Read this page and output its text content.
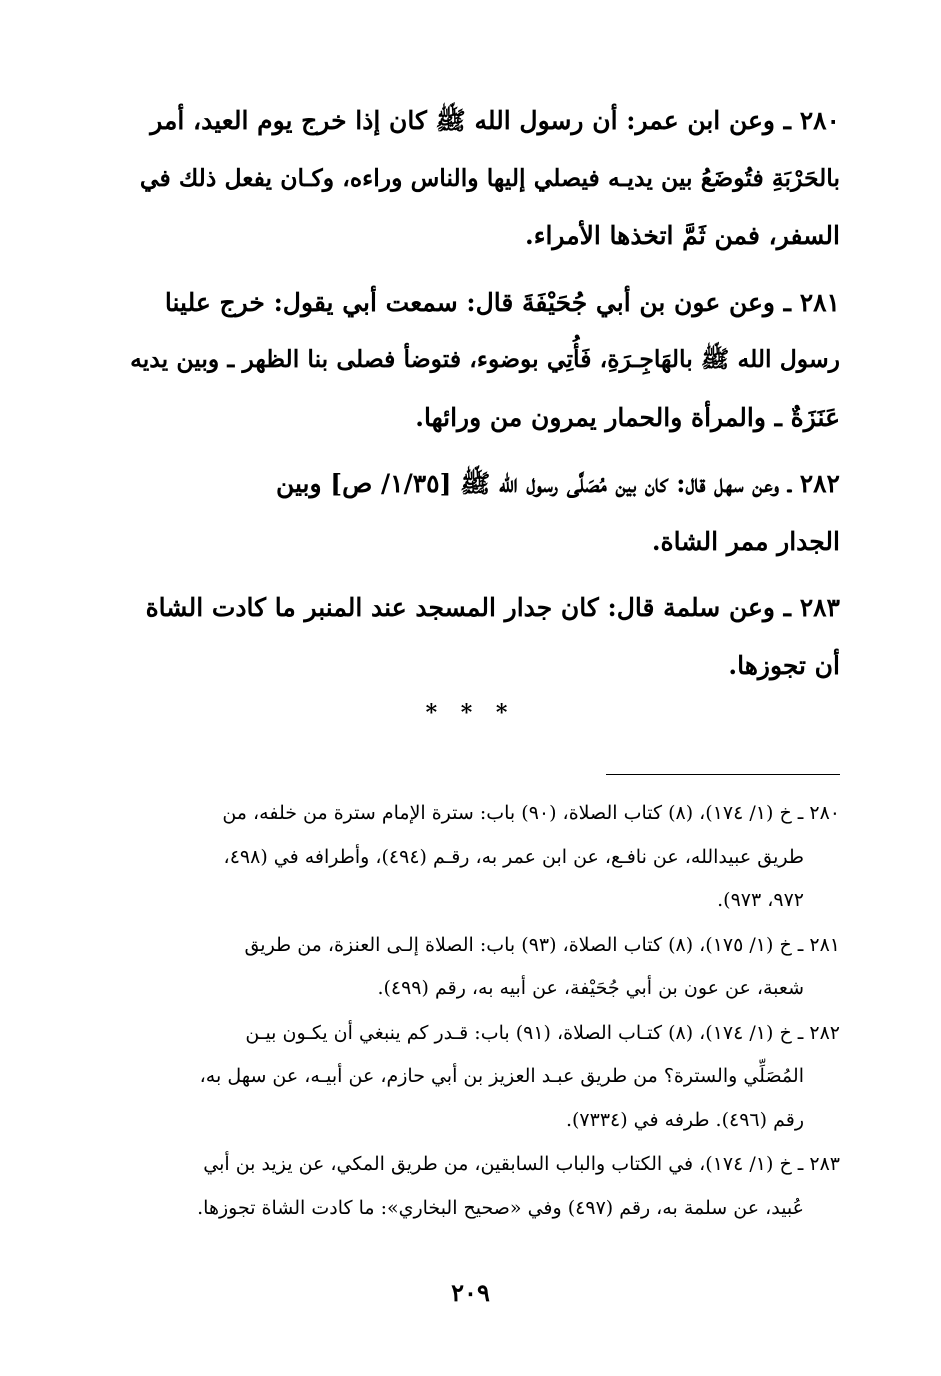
٢٨٠ ـ وعن ابن عمر: أن رسول الله ﷺ كان إذا خرج يوم العيد، أمر
بالحَرْبَةِ فتُوضَعُ بين يديـه فيصلي إليها والناس وراءه، وكـان يفعل ذلك في
السفر، فمن ثَمَّ اتخذها الأمراء.

٢٨١ ـ وعن عون بن أبي جُحَيْفَةَ قال: سمعت أبي يقول: خرج علينا
رسول الله ﷺ بالهَاجِـرَةِ، فَأُتِي بوضوء، فتوضأ فصلى بنا الظهر ـ وبين يديه
عَنَزَةٌ ـ والمرأة والحمار يمرون من ورائها.

٢٨٢ ـ وعن سهل قال: كان بين مُصَلَّى رسول الله ﷺ [١/٣٥/ ص] وبين
الجدار ممر الشاة.

٢٨٣ ـ وعن سلمة قال: كان جدار المسجد عند المنبر ما كادت الشاة
أن تجوزها.

* * *

٢٨٠ ـ خ (١/ ١٧٤)، (٨) كتاب الصلاة، (٩٠) باب: سترة الإمام سترة من خلفه، من
طريق عبيدالله، عن نافـع، عن ابن عمر به، رقـم (٤٩٤)، وأطرافه في (٤٩٨،
٩٧٢، ٩٧٣).

٢٨١ ـ خ (١/ ١٧٥)، (٨) كتاب الصلاة، (٩٣) باب: الصلاة إلـى العنزة، من طريق
شعبة، عن عون بن أبي جُحَيْفة، عن أبيه به، رقم (٤٩٩).

٢٨٢ ـ خ (١/ ١٧٤)، (٨) كتـاب الصلاة، (٩١) باب: قـدر كم ينبغي أن يكـون بيـن
المُصَلِّي والسترة؟ من طريق عبـد العزيز بن أبي حازم، عن أبيـه، عن سهل به،
رقم (٤٩٦). طرفه في (٧٣٣٤).

٢٨٣ ـ خ (١/ ١٧٤)، في الكتاب والباب السابقين، من طريق المكي، عن يزيد بن أبي
عُبيد، عن سلمة به، رقم (٤٩٧) وفي «صحيح البخاري»: ما كادت الشاة تجوزها.

٢٠٩
